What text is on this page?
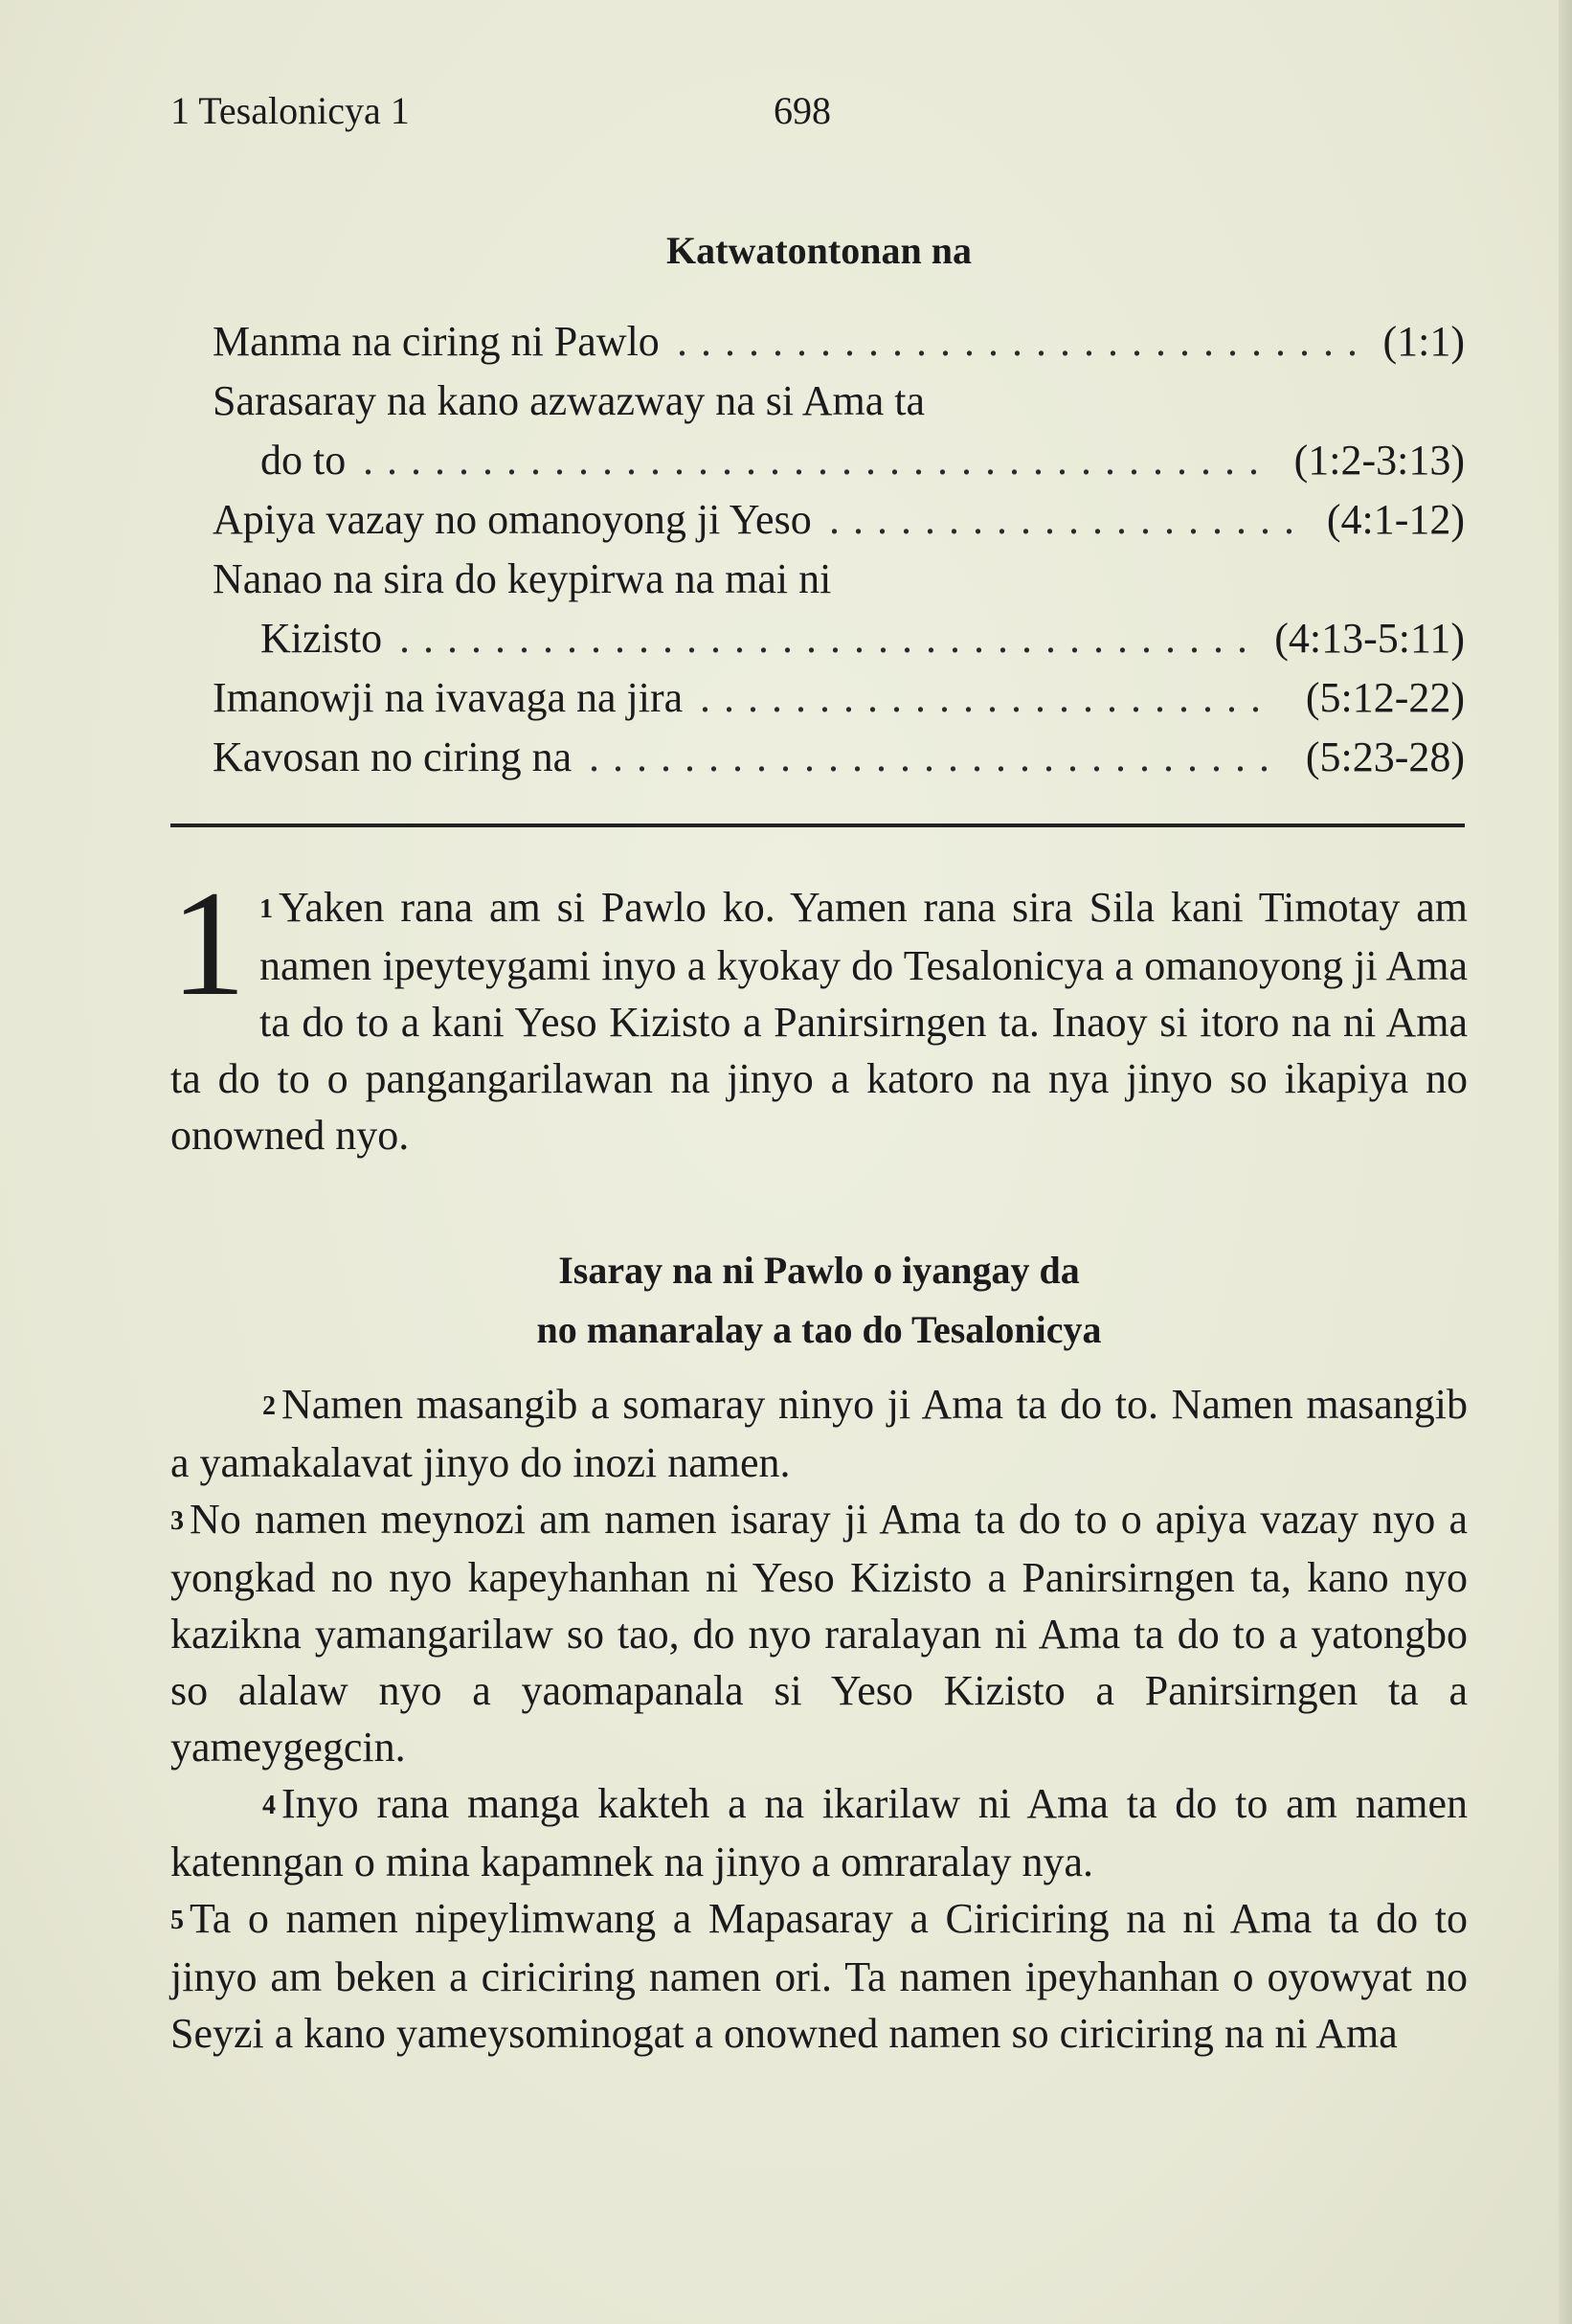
1 Tesalonicya 1	698
Katwatontonan na
Manma na ciring ni Pawlo ............................. (1:1)
Sarasaray na kano azwazway na si Ama ta
do to ...................................... (1:2-3:13)
Apiya vazay no omanoyong ji Yeso .................... (4:1-12)
Nanao na sira do keypirwa na mai ni
Kizisto .................................... (4:13-5:11)
Imanowji na ivavaga na jira ........................ (5:12-22)
Kavosan no ciring na ............................. (5:23-28)
1 1 Yaken rana am si Pawlo ko. Yamen rana sira Sila kani Timotay am namen ipeyteygami inyo a kyokay do Tesalonicya a omanoyong ji Ama ta do to a kani Yeso Kizisto a Panirsirngen ta. Inaoy si itoro na ni Ama ta do to o pangangarilawan na jinyo a katoro na nya jinyo so ikapiya no onowned nyo.
Isaray na ni Pawlo o iyangay da
no manaralay a tao do Tesalonicya

2 Namen masangib a somaray ninyo ji Ama ta do to. Namen masangib a yamakalavat jinyo do inozi namen.

3 No namen meynozi am namen isaray ji Ama ta do to o apiya vazay nyo a yongkad no nyo kapeyhanhan ni Yeso Kizisto a Panirsirngen ta, kano nyo kazikna yamangarilaw so tao, do nyo raralayan ni Ama ta do to a yatongbo so alalaw nyo a yaomapanala si Yeso Kizisto a Panirsirngen ta a yameygegcin.

4 Inyo rana manga kakteh a na ikarilaw ni Ama ta do to am namen katenngan o mina kapamnek na jinyo a omraralay nya.

5 Ta o namen nipeylimwang a Mapasaray a Ciriciring na ni Ama ta do to jinyo am beken a ciriciring namen ori. Ta namen ipeyhanhan o oyowyat no Seyzi a kano yameysominogat a onowned namen so ciriciring na ni Ama
